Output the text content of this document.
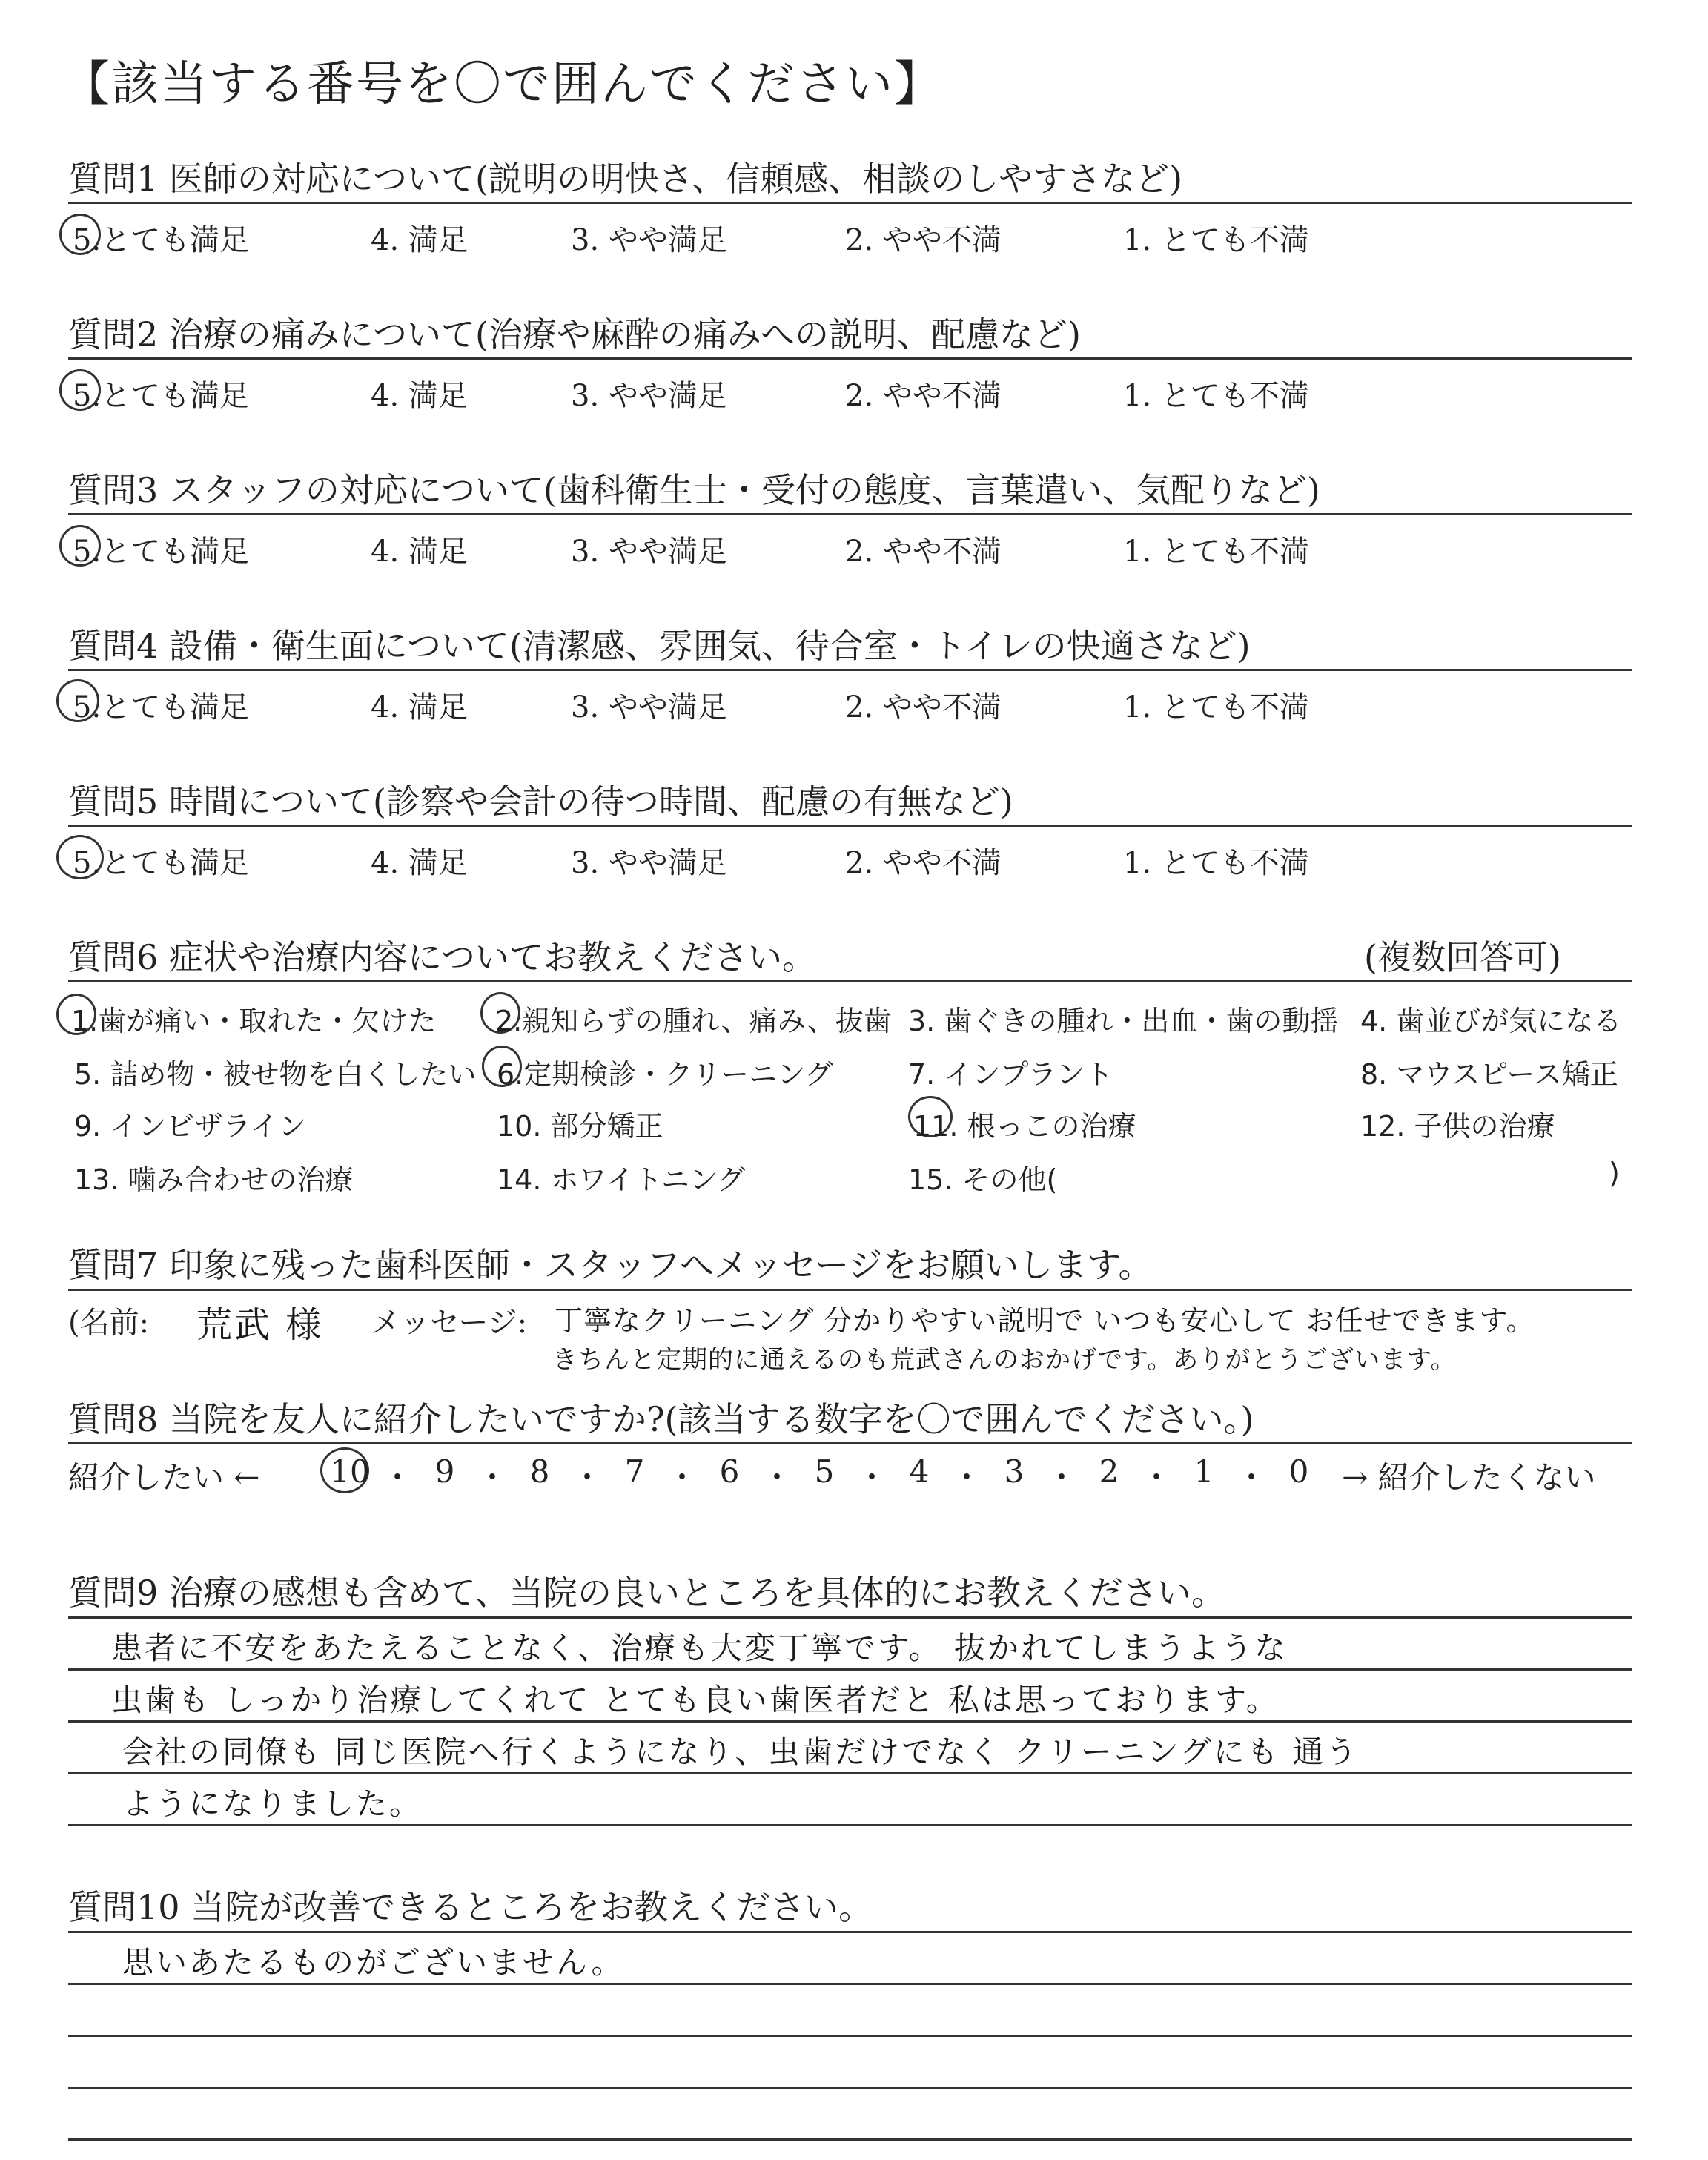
【該当する番号を〇で囲んでください】
質問1 医師の対応について(説明の明快さ、信頼感、相談のしやすさなど)
5.とても満足	4. 満足	3. やや満足	2. やや不満	1. とても不満
質問2 治療の痛みについて(治療や麻酔の痛みへの説明、配慮など)
5.とても満足	4. 満足	3. やや満足	2. やや不満	1. とても不満
質問3 スタッフの対応について(歯科衛生士・受付の態度、言葉遣い、気配りなど)
5.とても満足	4. 満足	3. やや満足	2. やや不満	1. とても不満
質問4 設備・衛生面について(清潔感、雰囲気、待合室・トイレの快適さなど)
5.とても満足	4. 満足	3. やや満足	2. やや不満	1. とても不満
質問5 時間について(診察や会計の待つ時間、配慮の有無など)
5.とても満足	4. 満足	3. やや満足	2. やや不満	1. とても不満
質問6 症状や治療内容についてお教えください。	(複数回答可)
1.歯が痛い・取れた・欠けた 2.親知らずの腫れ、痛み、抜歯 3. 歯ぐきの腫れ・出血・歯の動揺 4. 歯並びが気になる
5. 詰め物・被せ物を白くしたい 6.定期検診・クリーニング	7. インプラント	8. マウスピース矯正
9. インビザライン	10. 部分矯正	11. 根っこの治療	12. 子供の治療
13. 噛み合わせの治療	14. ホワイトニング	15. その他(	)
質問7 印象に残った歯科医師・スタッフへメッセージをお願いします。
(名前: 荒武 様 メッセージ: 丁寧なクリーニング 分かりやすい説明で いつも安心して お任せできます。
きちんと定期的に通えるのも荒武さんのおかげです。ありがとうございます。
質問8 当院を友人に紹介したいですか?(該当する数字を〇で囲んでください。)
紹介したい ← 10 ・ 9 ・ 8 ・ 7 ・ 6 ・ 5 ・ 4 ・ 3 ・ 2 ・ 1 ・ 0	→ 紹介したくない
質問9 治療の感想も含めて、当院の良いところを具体的にお教えください。
患者に不安をあたえることなく、治療も大変丁寧です。 抜かれてしまうような
虫歯も しっかり治療してくれて とても良い歯医者だと 私は思っております。
会社の同僚も 同じ医院へ行くようになり、虫歯だけでなく クリーニングにも 通う
ようになりました。
質問10 当院が改善できるところをお教えください。
思いあたるものがございません。
